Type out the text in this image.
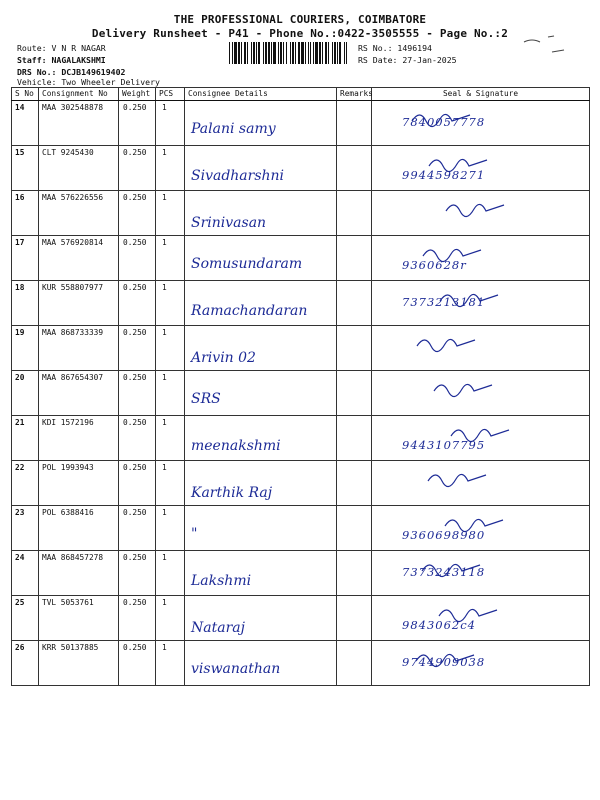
THE PROFESSIONAL COURIERS, COIMBATORE
Delivery Runsheet - P41 - Phone No.:0422-3505555 - Page No.:2
Route: V N R NAGAR
Staff: NAGALAKSHMI
DRS No.: DCJB149619402
Vehicle: Two Wheeler Delivery
RS No.: 1496194
RS Date: 27-Jan-2025
S No	Consignment No	Weight	PCS	Consignee Details	Remarks	Seal & Signature
14	MAA 302548878	0.250	1	Palani samy		7840057778

15	CLT 9245430	0.250	1	Sivadharshni		9944598271

16	MAA 576226556	0.250	1	Srinivasan

17	MAA 576920814	0.250	1	Somusundaram		9360628r

18	KUR 558807977	0.250	1	Ramachandaran		7373213181

19	MAA 868733339	0.250	1	Arivin 02

20	MAA 867654307	0.250	1	SRS

21	KDI 1572196	0.250	1	meenakshmi		9443107795

22	POL 1993943	0.250	1	Karthik Raj

23	POL 6388416	0.250	1	"		9360698980

24	MAA 868457278	0.250	1	Lakshmi		7373243118

25	TVL 5053761	0.250	1	Nataraj		9843062c4

26	KRR 50137885	0.250	1	viswanathan		9744909038
